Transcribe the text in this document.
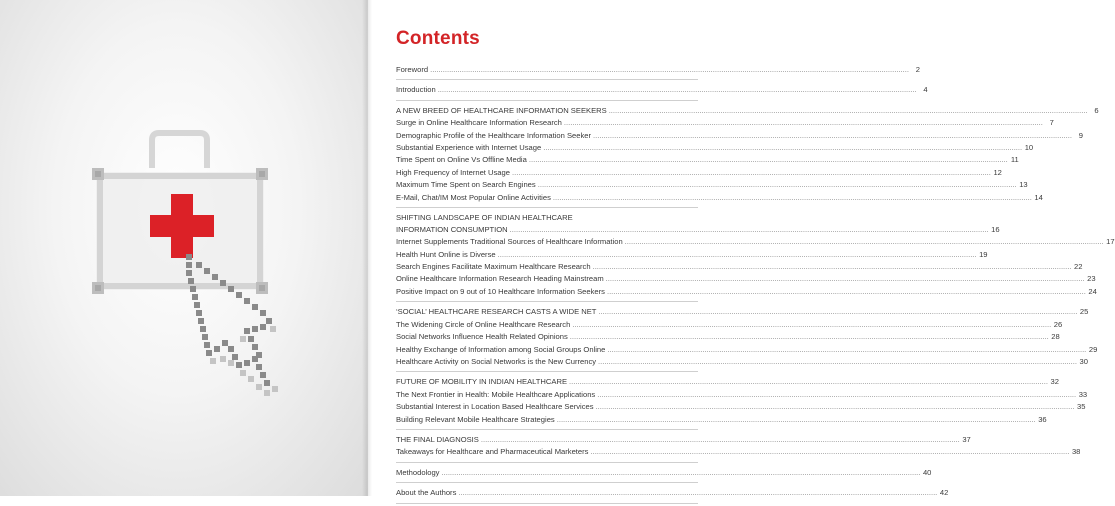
Contents
Foreword .....	2
Introduction .....	4
A NEW BREED OF HEALTHCARE INFORMATION SEEKERS .....	6
Surge in Online Healthcare Information Research .....	7
Demographic Profile of the Healthcare Information Seeker .....	9
Substantial Experience with Internet Usage .....	10
Time Spent on Online Vs Offline Media .....	11
High Frequency of Internet Usage .....	12
Maximum Time Spent on Search Engines .....	13
E-Mail, Chat/IM Most Popular Online Activities .....	14
SHIFTING LANDSCAPE OF INDIAN HEALTHCARE
INFORMATION CONSUMPTION .....	16
Internet Supplements Traditional Sources of Healthcare Information .....	17
Health Hunt Online is Diverse .....	19
Search Engines Facilitate Maximum Healthcare Research .....	22
Online Healthcare Information Research Heading Mainstream .....	23
Positive Impact on 9 out of 10 Healthcare Information Seekers .....	24
‘SOCIAL’ HEALTHCARE RESEARCH CASTS A WIDE NET .....	25
The Widening Circle of Online Healthcare Research .....	26
Social Networks Influence Health Related Opinions .....	28
Healthy Exchange of Information among Social Groups Online .....	29
Healthcare Activity on Social Networks is the New Currency .....	30
FUTURE OF MOBILITY IN INDIAN HEALTHCARE .....	32
The Next Frontier in Health: Mobile Healthcare Applications .....	33
Substantial Interest in Location Based Healthcare Services .....	35
Building Relevant Mobile Healthcare Strategies .....	36
THE FINAL DIAGNOSIS .....	37
Takeaways for Healthcare and Pharmaceutical Marketers .....	38
Methodology .....	40
About the Authors .....	42
